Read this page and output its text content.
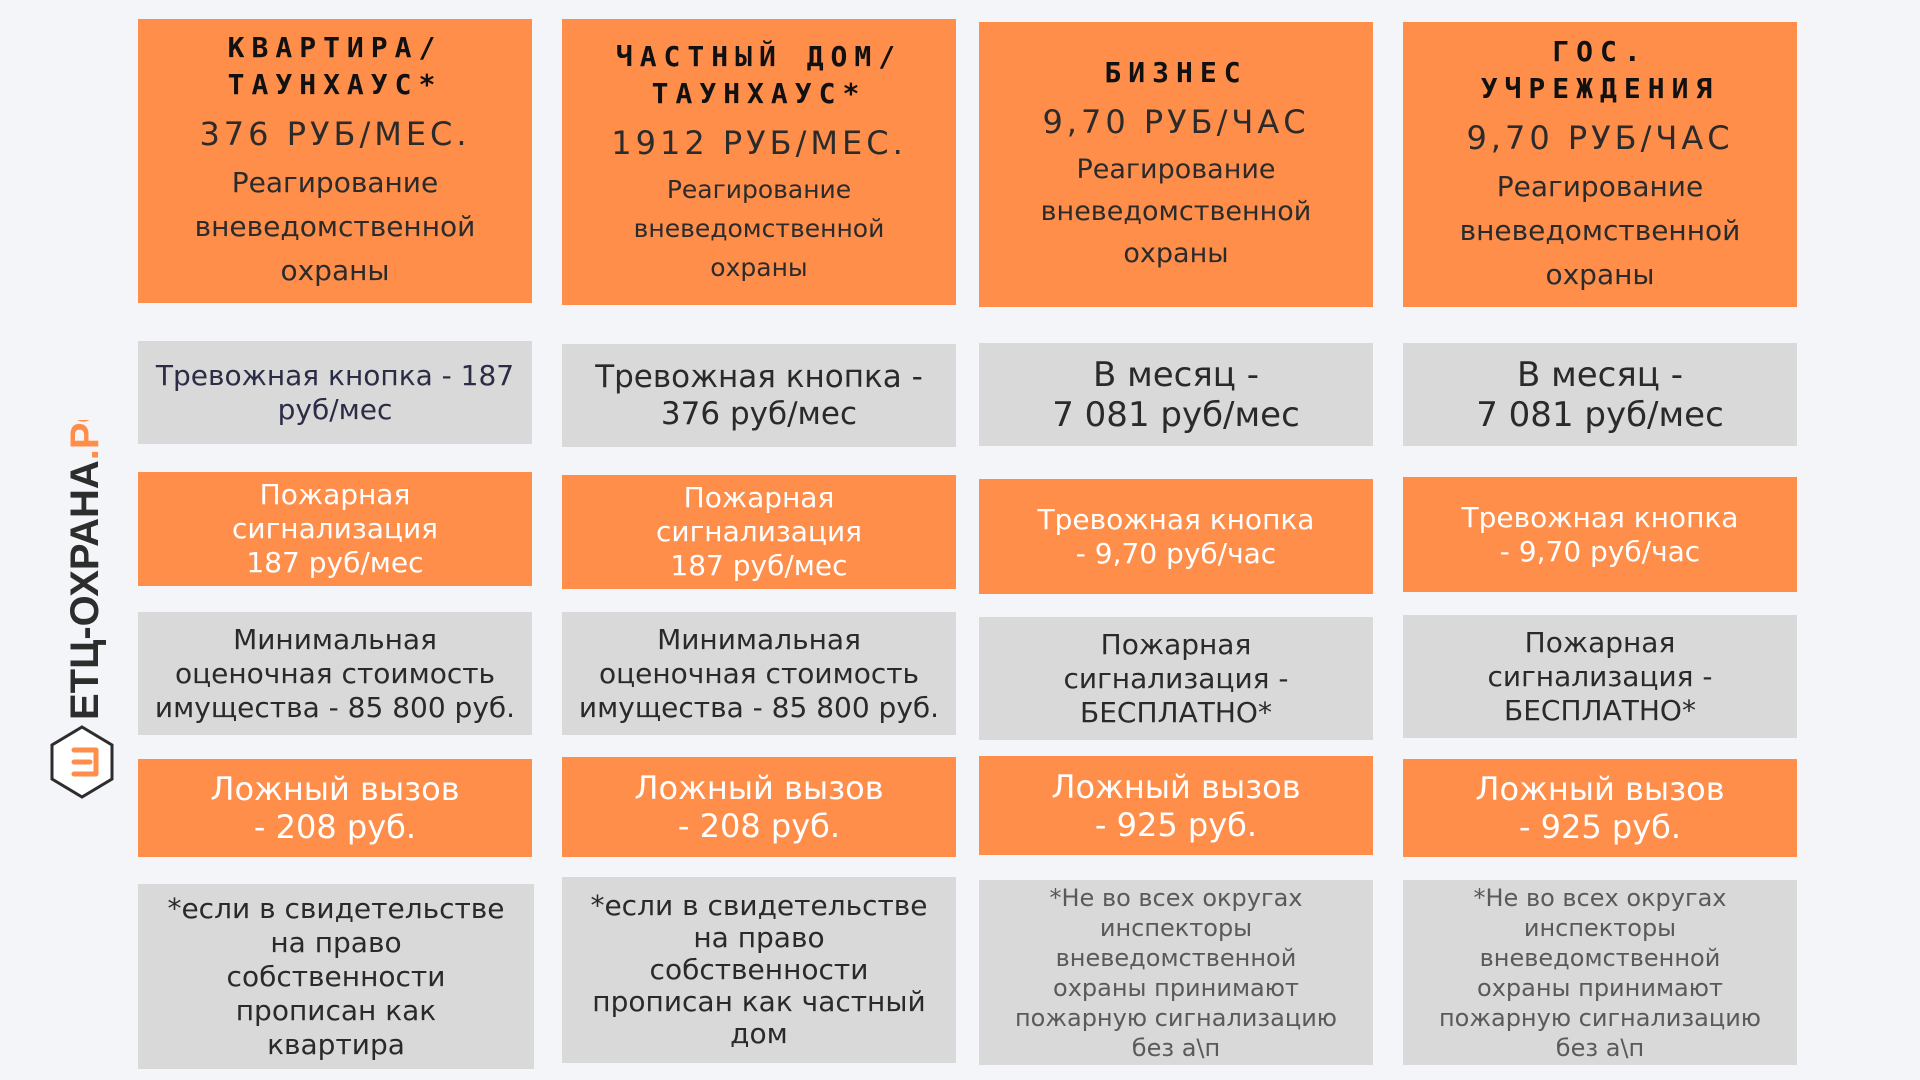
ЕТЦ-ОХРАНА.РФ
КВАРТИРА/
ТАУНХАУС*
376 РУБ/МЕС.
Реагирование
вневедомственной
охраны
Тревожная кнопка - 187
руб/мес
Пожарная
сигнализация
187 руб/мес
Минимальная
оценочная стоимость
имущества - 85 800 руб.
Ложный вызов
- 208 руб.
*если в свидетельстве
на право
собственности
прописан как
квартира
ЧАСТНЫЙ ДОМ/
ТАУНХАУС*
1912 РУБ/МЕС.
Реагирование
вневедомственной
охраны
Тревожная кнопка -
376 руб/мес
Пожарная
сигнализация
187 руб/мес
Минимальная
оценочная стоимость
имущества - 85 800 руб.
Ложный вызов
- 208 руб.
*если в свидетельстве
на право
собственности
прописан как частный
дом
БИЗНЕС
9,70 РУБ/ЧАС
Реагирование
вневедомственной
охраны
В месяц -
7 081 руб/мес
Тревожная кнопка
- 9,70 руб/час
Пожарная
сигнализация -
БЕСПЛАТНО*
Ложный вызов
- 925 руб.
*Не во всех округах
инспекторы
вневедомственной
охраны принимают
пожарную сигнализацию
без а\п
ГОС.
УЧРЕЖДЕНИЯ
9,70 РУБ/ЧАС
Реагирование
вневедомственной
охраны
В месяц -
7 081 руб/мес
Тревожная кнопка
- 9,70 руб/час
Пожарная
сигнализация -
БЕСПЛАТНО*
Ложный вызов
- 925 руб.
*Не во всех округах
инспекторы
вневедомственной
охраны принимают
пожарную сигнализацию
без а\п
